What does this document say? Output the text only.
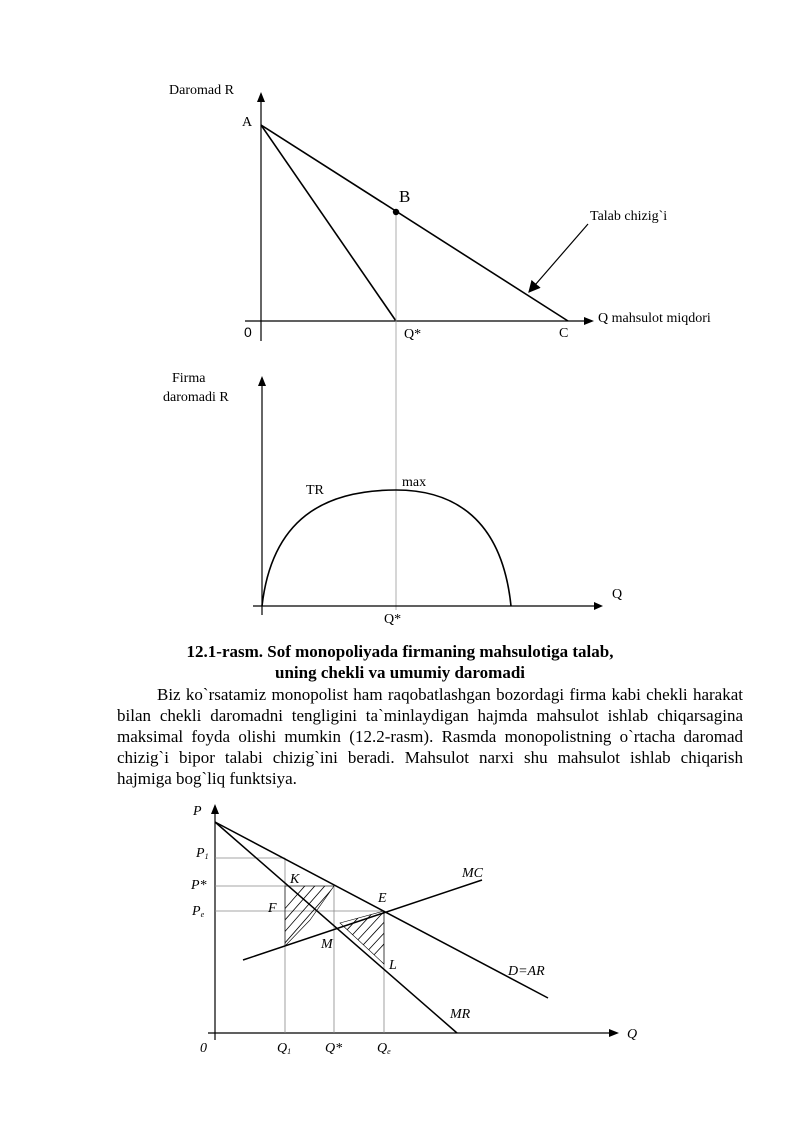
Daromad R
A
B
Talab chizig`i
0	Q*	C
Q mahsulot miqdori
Firma
daromadi R
TR
max
Q
Q*
P
P1
P*
Pe
K
F
M
E
L
MC
D=AR
MR
0	Q1 Q* Qe
Q
12.1-rasm. Sof monopoliyada firmaning mahsulotiga talab,
uning chekli va umumiy daromadi

Biz ko`rsatamiz monopolist ham raqobatlashgan bozordagi firma kabi chekli harakat bilan chekli daromadni tengligini ta`minlaydigan hajmda mahsulot ishlab chiqarsagina maksimal foyda olishi mumkin (12.2-rasm). Rasmda monopolistning o`rtacha daromad chizig`i bipor talabi chizig`ini beradi. Mahsulot narxi shu mahsulot ishlab chiqarish hajmiga bog`liq funktsiya.
